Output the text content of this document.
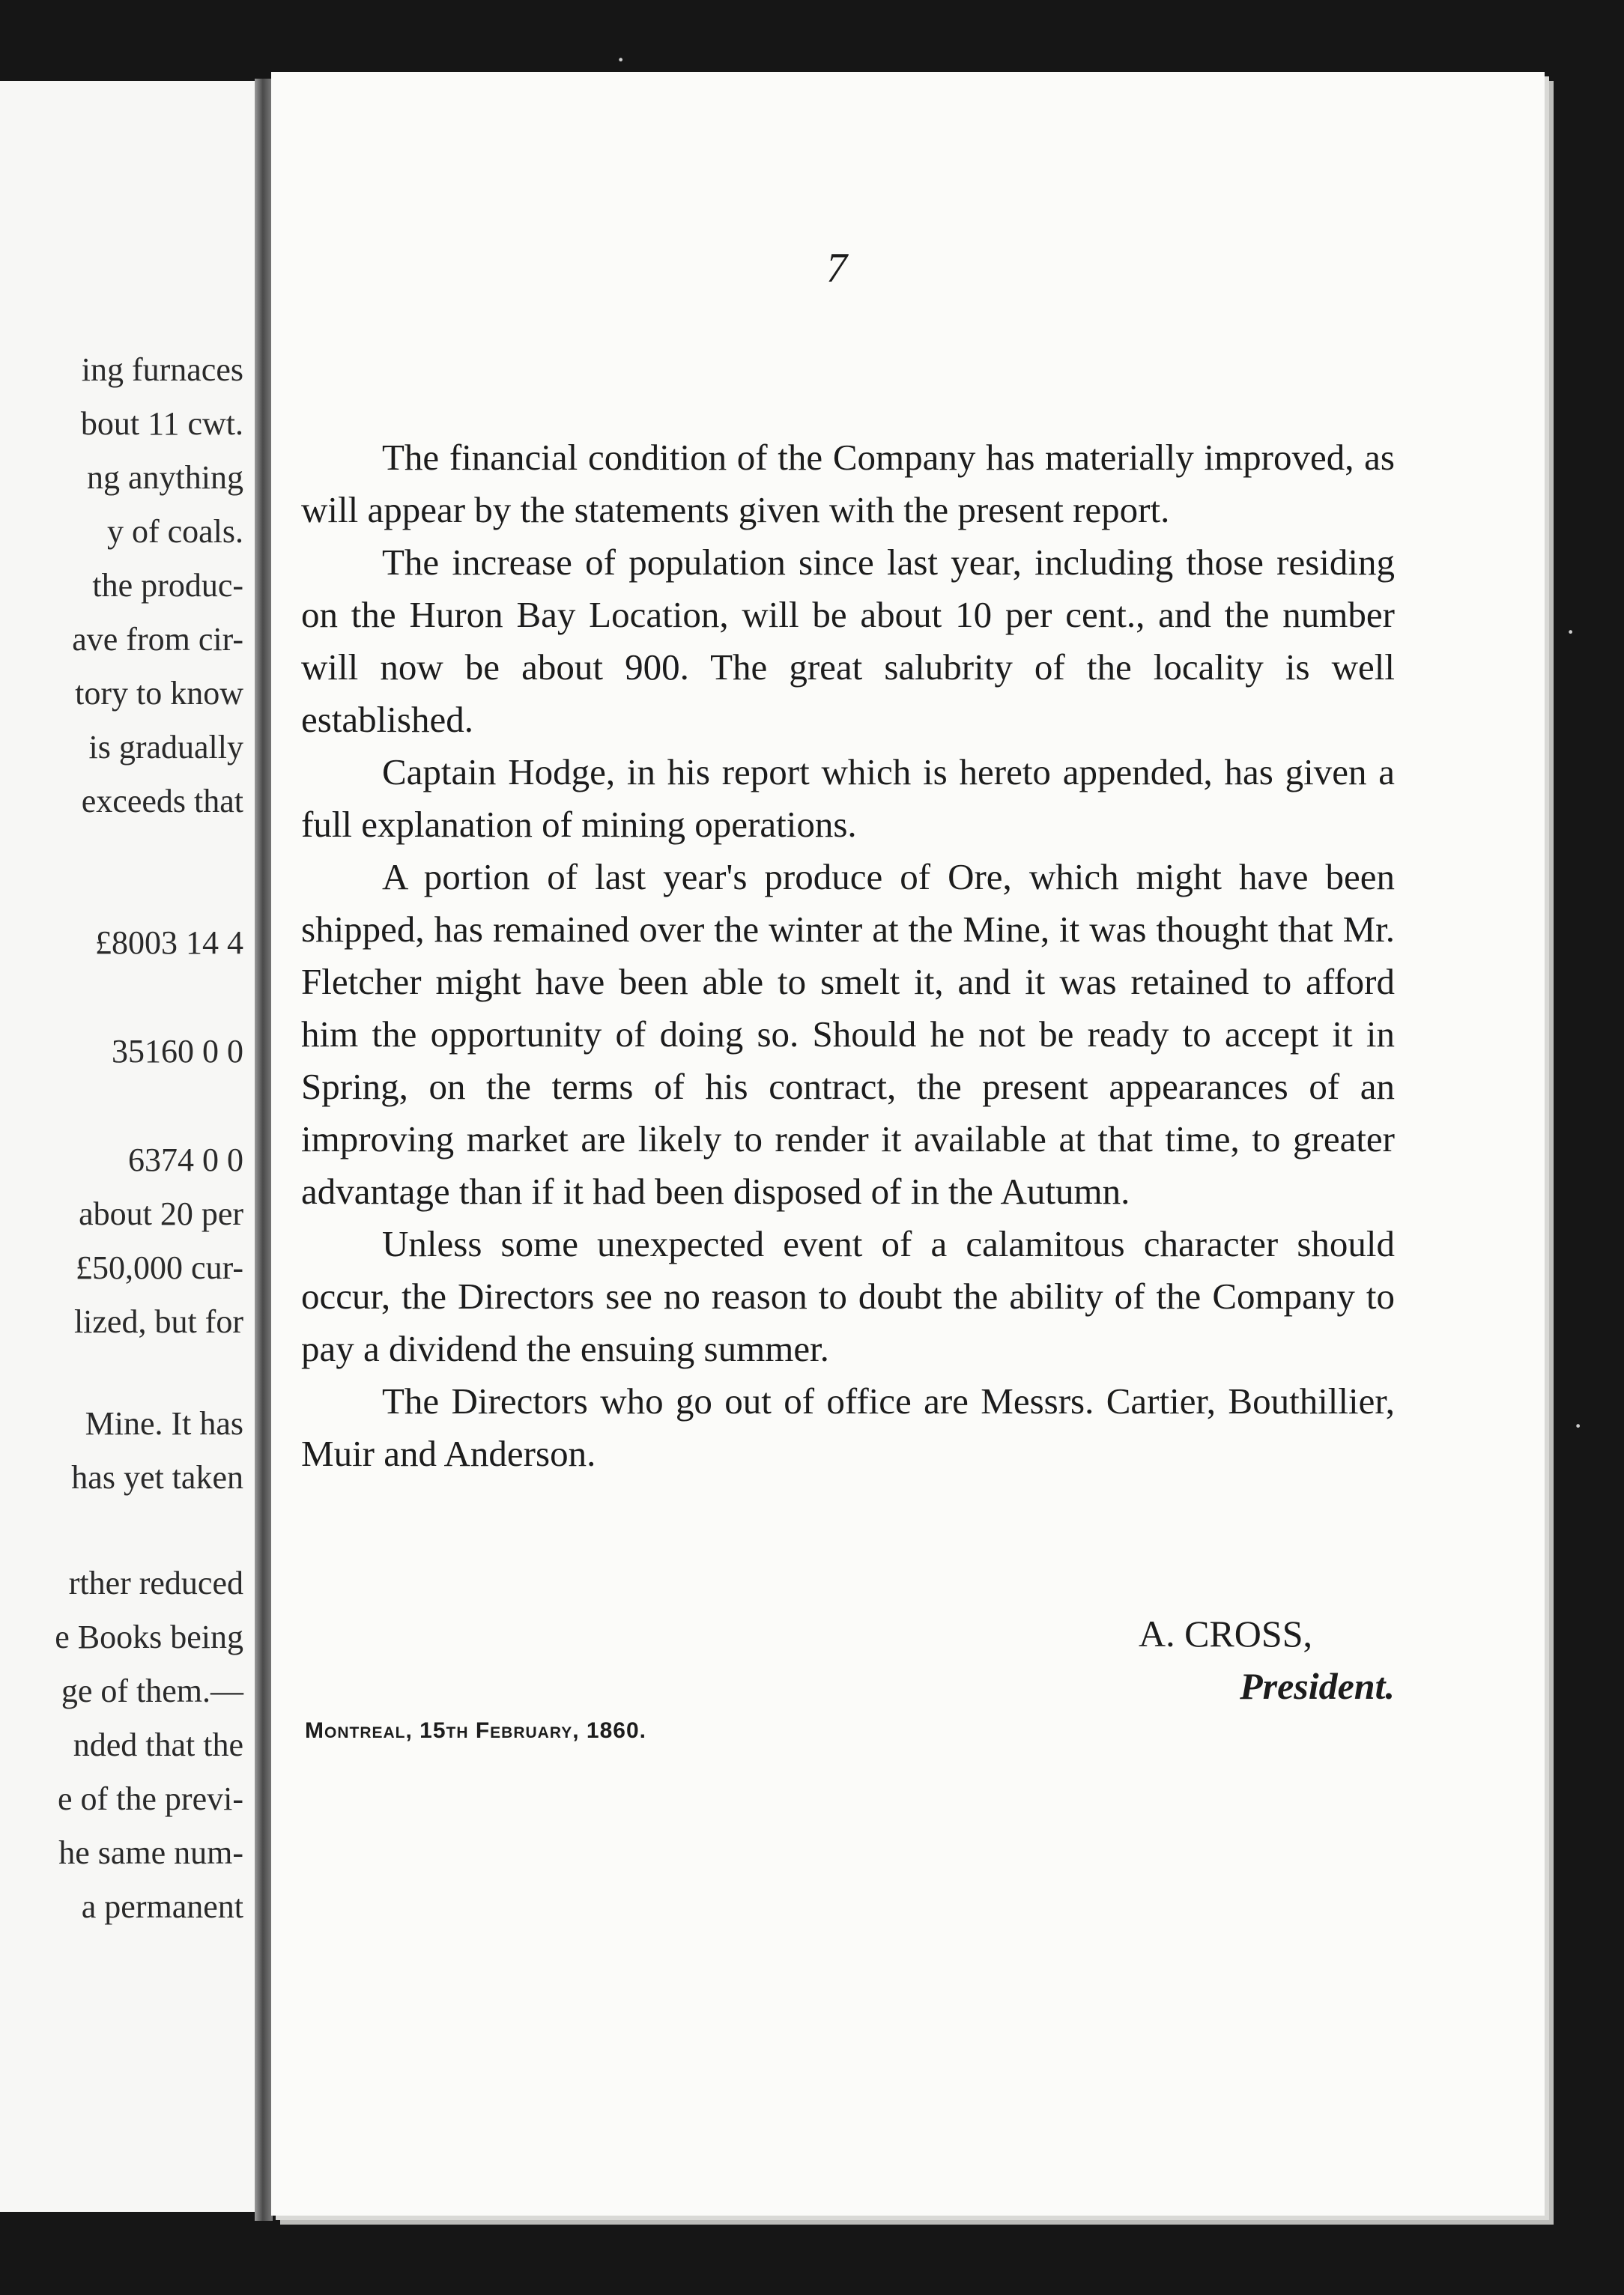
ing furnaces
bout 11 cwt.
ng anything
y of coals.
the produc-
ave from cir-
tory to know
is gradually
exceeds that
£8003 14 4
35160 0 0
6374 0 0
about 20 per
£50,000 cur-
lized, but for
Mine. It has
has yet taken
rther reduced
e Books being
ge of them.—
nded that the
e of the previ-
he same num-
a permanent
7

The financial condition of the Company has materially improved, as will appear by the statements given with the present report.

The increase of population since last year, including those residing on the Huron Bay Location, will be about 10 per cent., and the number will now be about 900. The great salubrity of the locality is well established.

Captain Hodge, in his report which is hereto appended, has given a full explanation of mining operations.

A portion of last year's produce of Ore, which might have been shipped, has remained over the winter at the Mine, it was thought that Mr. Fletcher might have been able to smelt it, and it was retained to afford him the opportunity of doing so. Should he not be ready to accept it in Spring, on the terms of his contract, the present appearances of an improving market are likely to render it available at that time, to greater advantage than if it had been disposed of in the Autumn.

Unless some unexpected event of a calamitous character should occur, the Directors see no reason to doubt the ability of the Company to pay a dividend the ensuing summer.

The Directors who go out of office are Messrs. Cartier, Bouthillier, Muir and Anderson.

A. CROSS,
President.
Montreal, 15th February, 1860.
·
·
·
